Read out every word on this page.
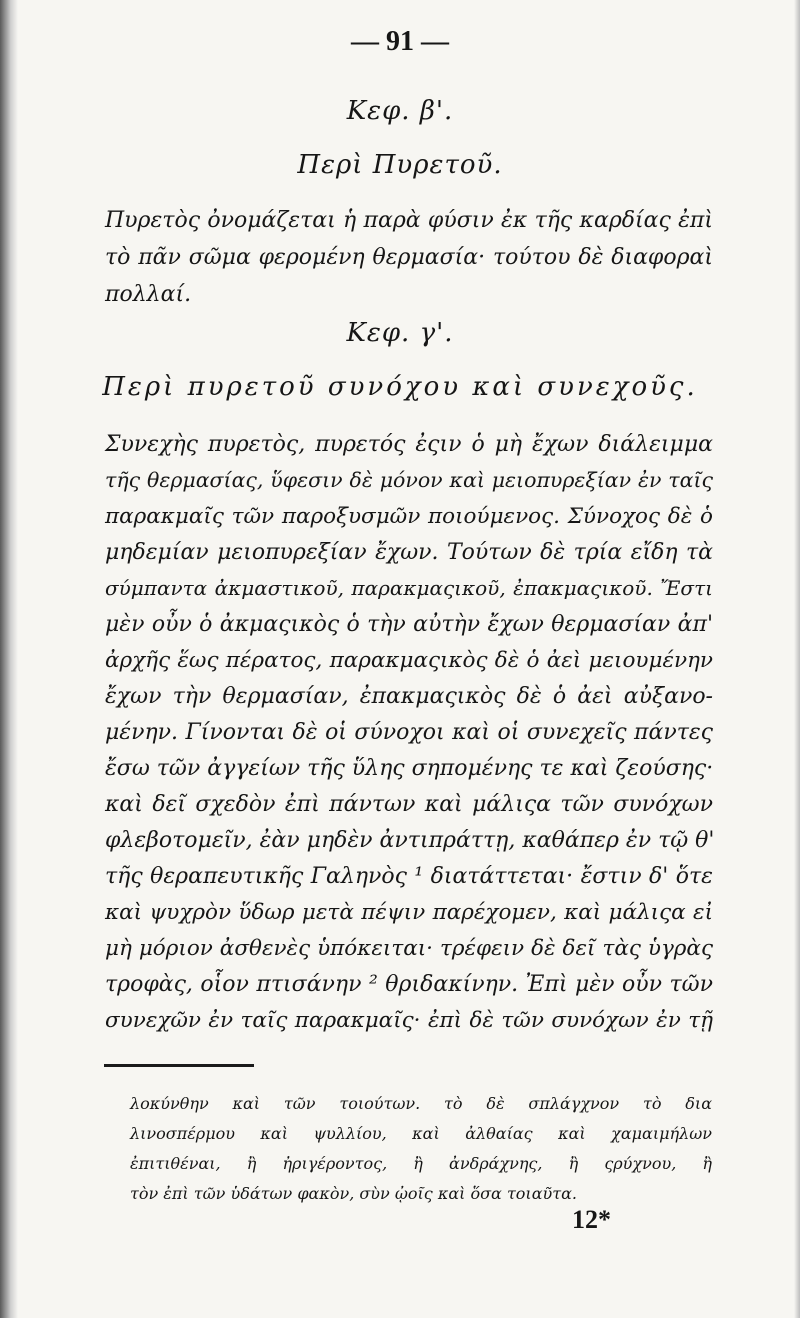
— 91 —
Κεφ. β'.
Περὶ Πυρετοῦ.
Πυρετὸς ὀνομάζεται ἡ παρὰ φύσιν ἐκ τῆς καρδίας ἐπὶ
τὸ πᾶν σῶμα φερομένη θερμασία· τούτου δὲ διαφοραὶ
πολλαί.
Κεφ. γ'.
Περὶ πυρετοῦ συνόχου καὶ συνεχοῦς.
Συνεχὴς πυρετὸς, πυρετός ἐςιν ὁ μὴ ἔχων διάλειμμα
τῆς θερμασίας, ὕφεσιν δὲ μόνον καὶ μειοπυρεξίαν ἐν ταῖς
παρακμαῖς τῶν παροξυσμῶν ποιούμενος. Σύνοχος δὲ ὁ
μηδεμίαν μειοπυρεξίαν ἔχων. Τούτων δὲ τρία εἴδη τὰ
σύμπαντα ἀκμαστικοῦ, παρακμαςικοῦ, ἐπακμαςικοῦ. Ἔστι
μὲν οὖν ὁ ἀκμαςικὸς ὁ τὴν αὐτὴν ἔχων θερμασίαν ἀπ'
ἀρχῆς ἕως πέρατος, παρακμαςικὸς δὲ ὁ ἀεὶ μειουμένην
ἔχων τὴν θερμασίαν, ἐπακμαςικὸς δὲ ὁ ἀεὶ αὐξανο-
μένην. Γίνονται δὲ οἱ σύνοχοι καὶ οἱ συνεχεῖς πάντες
ἔσω τῶν ἀγγείων τῆς ὕλης σηπομένης τε καὶ ζεούσης·
καὶ δεῖ σχεδὸν ἐπὶ πάντων καὶ μάλιςα τῶν συνόχων
φλεβοτομεῖν, ἐὰν μηδὲν ἀντιπράττῃ, καθάπερ ἐν τῷ θ'
τῆς θεραπευτικῆς Γαληνὸς ¹ διατάττεται· ἔστιν δ' ὅτε
καὶ ψυχρὸν ὕδωρ μετὰ πέψιν παρέχομεν, καὶ μάλιςα εἰ
μὴ μόριον ἀσθενὲς ὑπόκειται· τρέφειν δὲ δεῖ τὰς ὑγρὰς
τροφὰς, οἷον πτισάνην ² θριδακίνην. Ἐπὶ μὲν οὖν τῶν
συνεχῶν ἐν ταῖς παρακμαῖς· ἐπὶ δὲ τῶν συνόχων ἐν τῇ
λοκύνθην καὶ τῶν τοιούτων. τὸ δὲ σπλάγχνον τὸ δια
λινοσπέρμου καὶ ψυλλίου, καὶ ἀλθαίας καὶ χαμαιμήλων
ἐπιτιθέναι, ἢ ἠριγέροντος, ἢ ἀνδράχνης, ἢ ςρύχνου, ἢ
τὸν ἐπὶ τῶν ὑδάτων φακὸν, σὺν ᾠοῖς καὶ ὅσα τοιαῦτα.
12*
